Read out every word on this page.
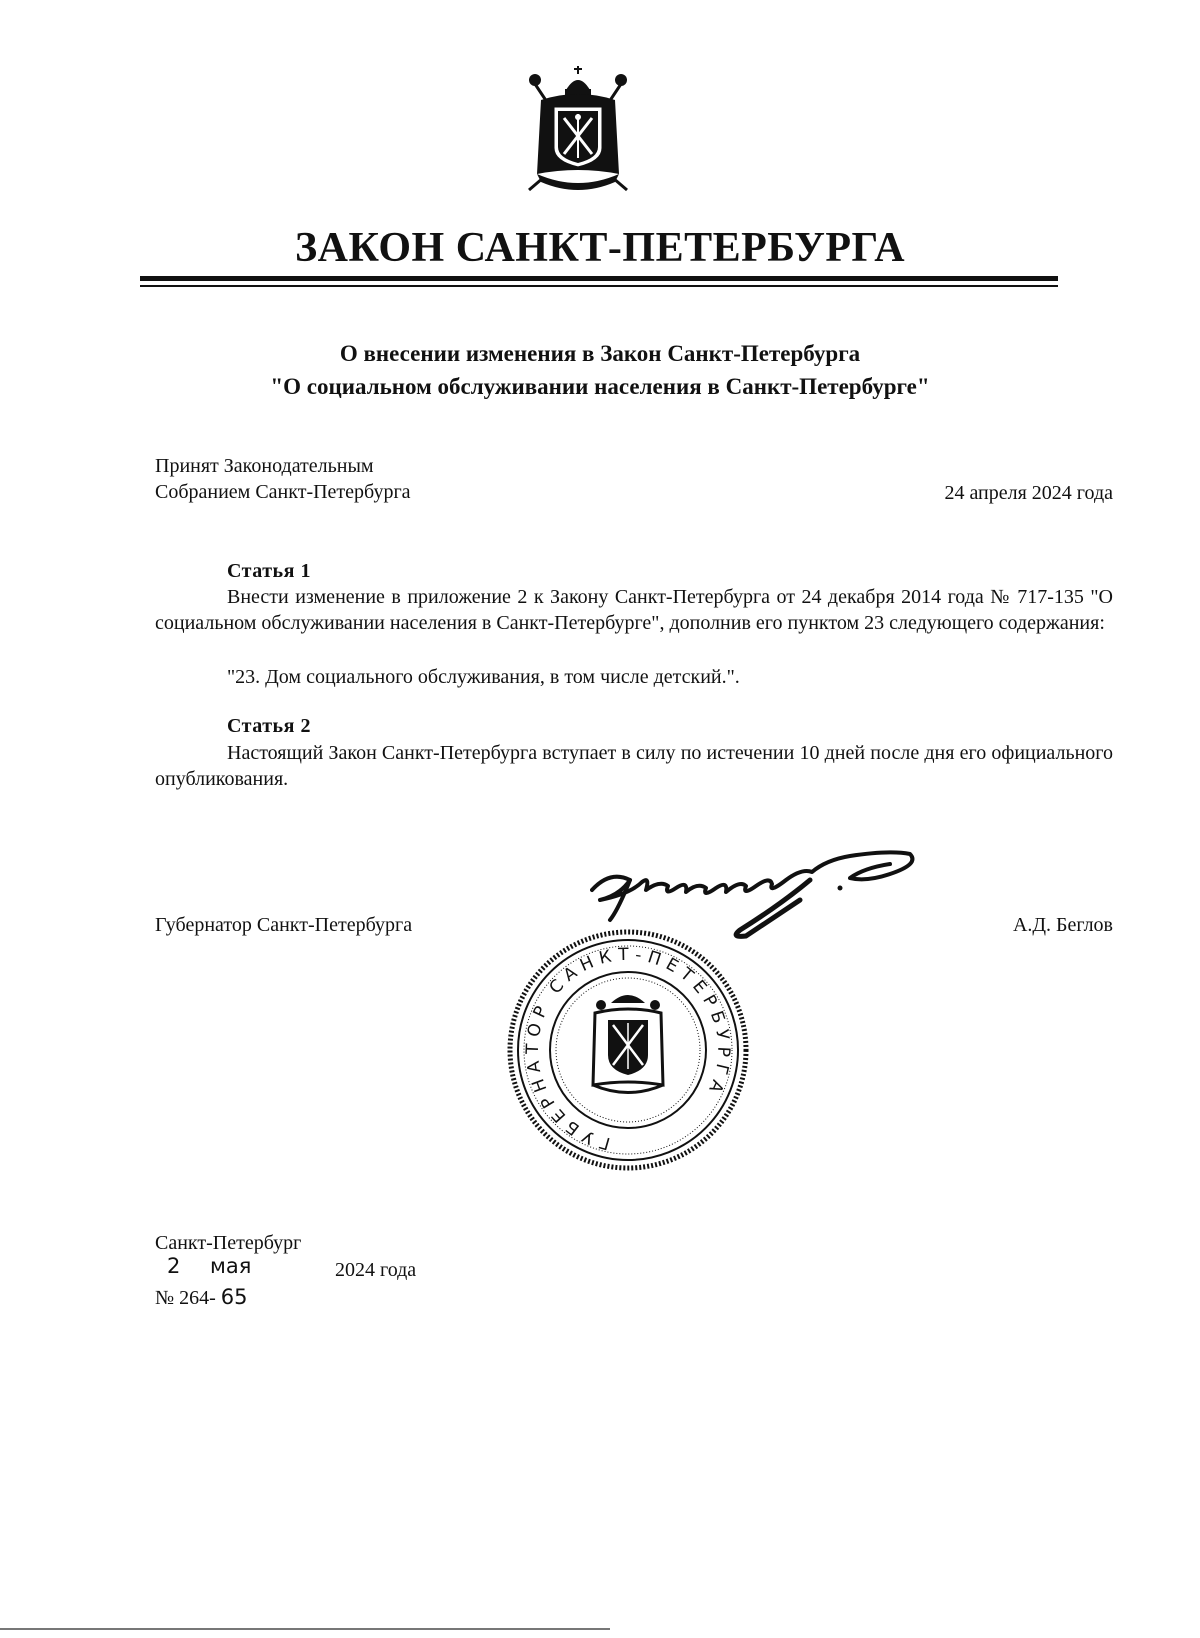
ЗАКОН САНКТ-ПЕТЕРБУРГА
О внесении изменения в Закон Санкт-Петербурга
"О социальном обслуживании населения в Санкт-Петербурге"
Принят Законодательным
Собранием Санкт-Петербурга	24 апреля 2024 года
Статья 1
Внести изменение в приложение 2 к Закону Санкт-Петербурга от 24 декабря 2014 года № 717-135 "О социальном обслуживании населения в Санкт-Петербурге", дополнив его пунктом 23 следующего содержания:
"23. Дом социального обслуживания, в том числе детский.".
Статья 2
Настоящий Закон Санкт-Петербурга вступает в силу по истечении 10 дней после дня его официального опубликования.
Губернатор Санкт-Петербурга	А.Д. Беглов
ГУБЕРНАТОР САНКТ-ПЕТЕРБУРГА
Санкт-Петербург
2 мая	2024 года
№ 264- 65
